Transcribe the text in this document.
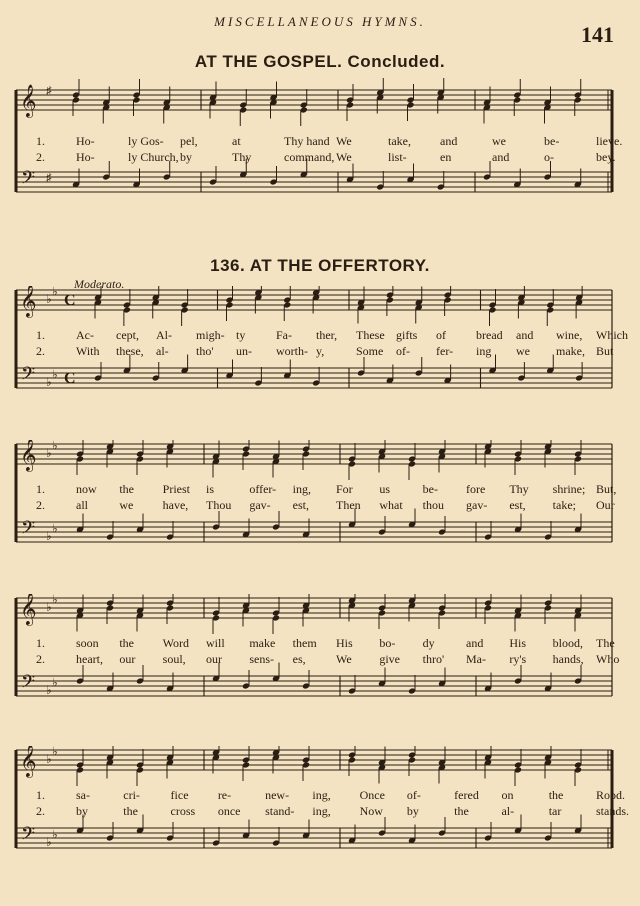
MISCELLANEOUS HYMNS.
141
AT THE GOSPEL. Concluded.
136. AT THE OFFERTORY.
Moderato.
𝄞
𝄢
♯
♯
1.	Ho-	ly Gos- pel,	at	Thy hand We	take, and	we	be-	lieve.
2.	Ho-	ly Church, by	Thy	command, We	list-	en	and	o-	bey.
𝄞
𝄢
♭
♭
♭
♭
C
C
1.	Ac- cept, Al- migh- ty	Fa- ther, These gifts of	bread and wine, Which
2.	With these, al- tho' un- worth- y,	Some of- fer- ing we make, But
𝄞
𝄢
♭
♭
♭
♭
1.	now the Priest is	offer- ing, For us	be- fore Thy shrine; But,
2.	all	we have, Thou gav- est, Then what thou gav- est, take; Our
𝄞
𝄢
♭
♭
♭
♭
1.	soon the Word will make them His bo- dy	and His blood, The
2.	heart, our soul, our sens- es,	We give thro' Ma- ry's hands, Who
𝄞
𝄢
♭
♭
♭
♭
1.	sa-	cri-	fice re-	new- ing, Once of-	fered on	the	Rood.
2.	by	the	cross once stand- ing, Now by	the	al-	tar	stands.
